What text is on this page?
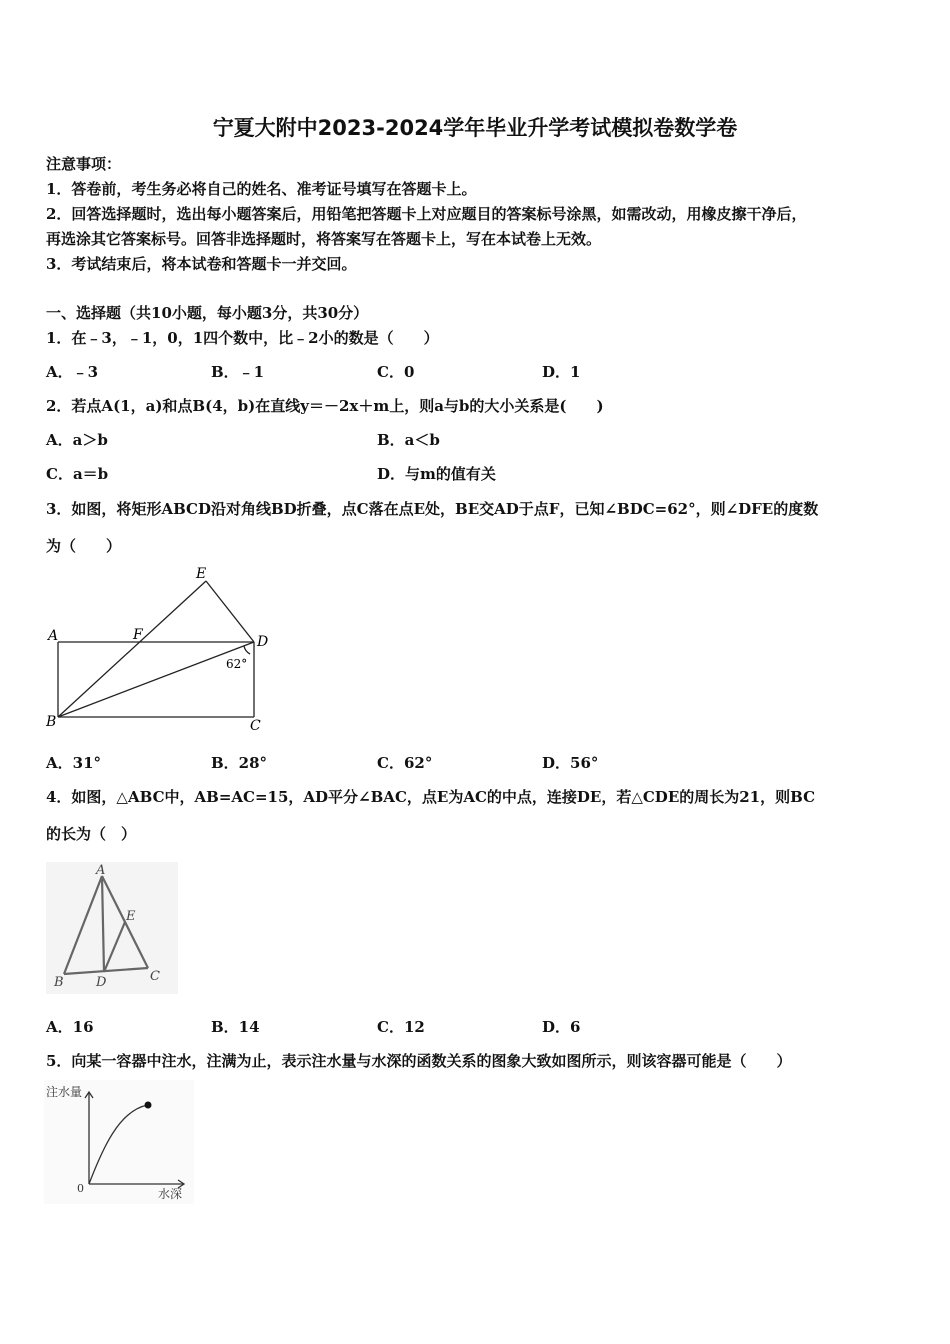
宁夏大附中2023-2024学年毕业升学考试模拟卷数学卷
注意事项：
1．答卷前，考生务必将自己的姓名、准考证号填写在答题卡上。
2．回答选择题时，选出每小题答案后，用铅笔把答题卡上对应题目的答案标号涂黑，如需改动，用橡皮擦干净后，
再选涂其它答案标号。回答非选择题时，将答案写在答题卡上，写在本试卷上无效。
3．考试结束后，将本试卷和答题卡一并交回。
一、选择题（共10小题，每小题3分，共30分）
1．在﹣3，﹣1，0，1四个数中，比﹣2小的数是（　　）
A．﹣3	B．﹣1	C．0	D．1
2．若点A(1，a)和点B(4，b)在直线y＝－2x＋m上，则a与b的大小关系是(　　)
A．a＞b	B．a＜b
C．a＝b	D．与m的值有关
3．如图，将矩形ABCD沿对角线BD折叠，点C落在点E处，BE交AD于点F，已知∠BDC=62°，则∠DFE的度数
为（　　）
A
B	C
D
E
F
62°
A．31°	B．28°	C．62°	D．56°
4．如图，△ABC中，AB=AC=15，AD平分∠BAC，点E为AC的中点，连接DE，若△CDE的周长为21，则BC
的长为（　）
A
B	C
D
E
A．16	B．14	C．12	D．6
5．向某一容器中注水，注满为止，表示注水量与水深的函数关系的图象大致如图所示，则该容器可能是（　　）
注水量
水深
0
